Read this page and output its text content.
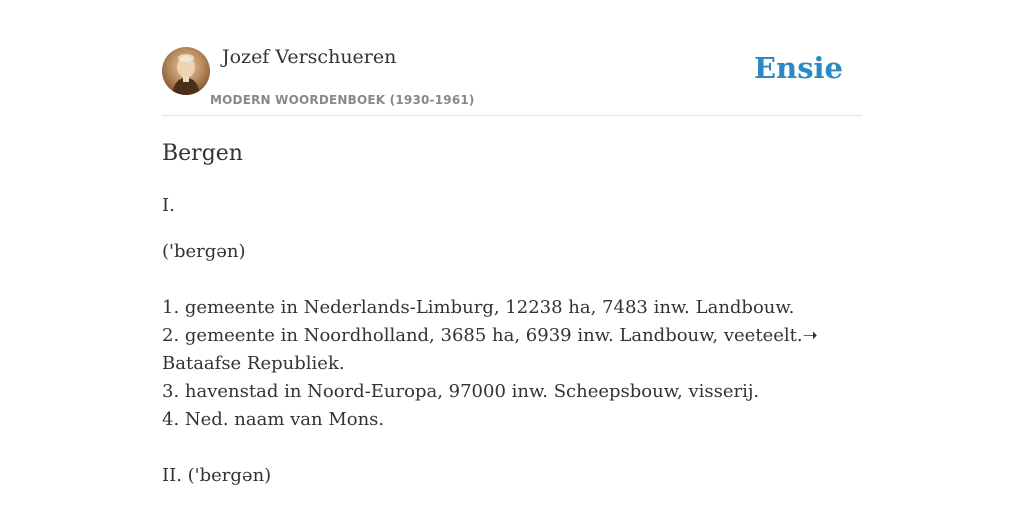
Jozef Verschueren
MODERN WOORDENBOEK (1930-1961)
Ensie
Bergen
I.
('bergən)

1. gemeente in Nederlands-Limburg, 12238 ha, 7483 inw. Landbouw.

2. gemeente in Noordholland, 3685 ha, 6939 inw. Landbouw, veeteelt.➝ Bataafse Republiek.

3. havenstad in Noord-Europa, 97000 inw. Scheepsbouw, visserij.

4. Ned. naam van Mons.

II. ('bergən)
